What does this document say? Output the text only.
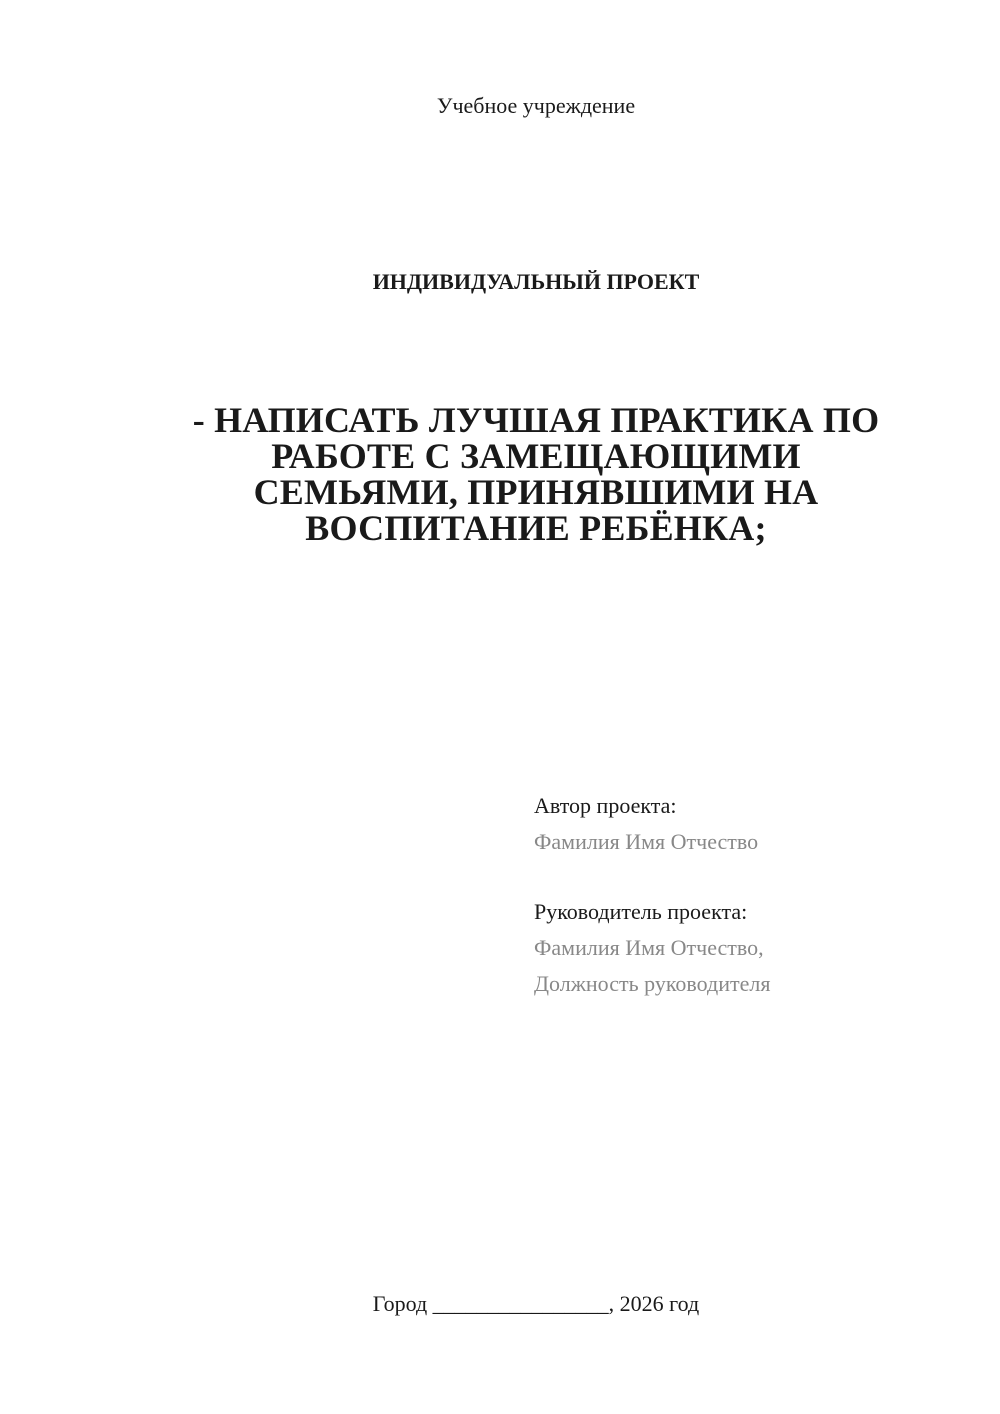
Учебное учреждение
ИНДИВИДУАЛЬНЫЙ ПРОЕКТ
- НАПИСАТЬ ЛУЧШАЯ ПРАКТИКА ПО
РАБОТЕ С ЗАМЕЩАЮЩИМИ
СЕМЬЯМИ, ПРИНЯВШИМИ НА
ВОСПИТАНИЕ РЕБЁНКА;
Автор проекта:
Фамилия Имя Отчество
Руководитель проекта:
Фамилия Имя Отчество,
Должность руководителя
Город ________________, 2026 год
